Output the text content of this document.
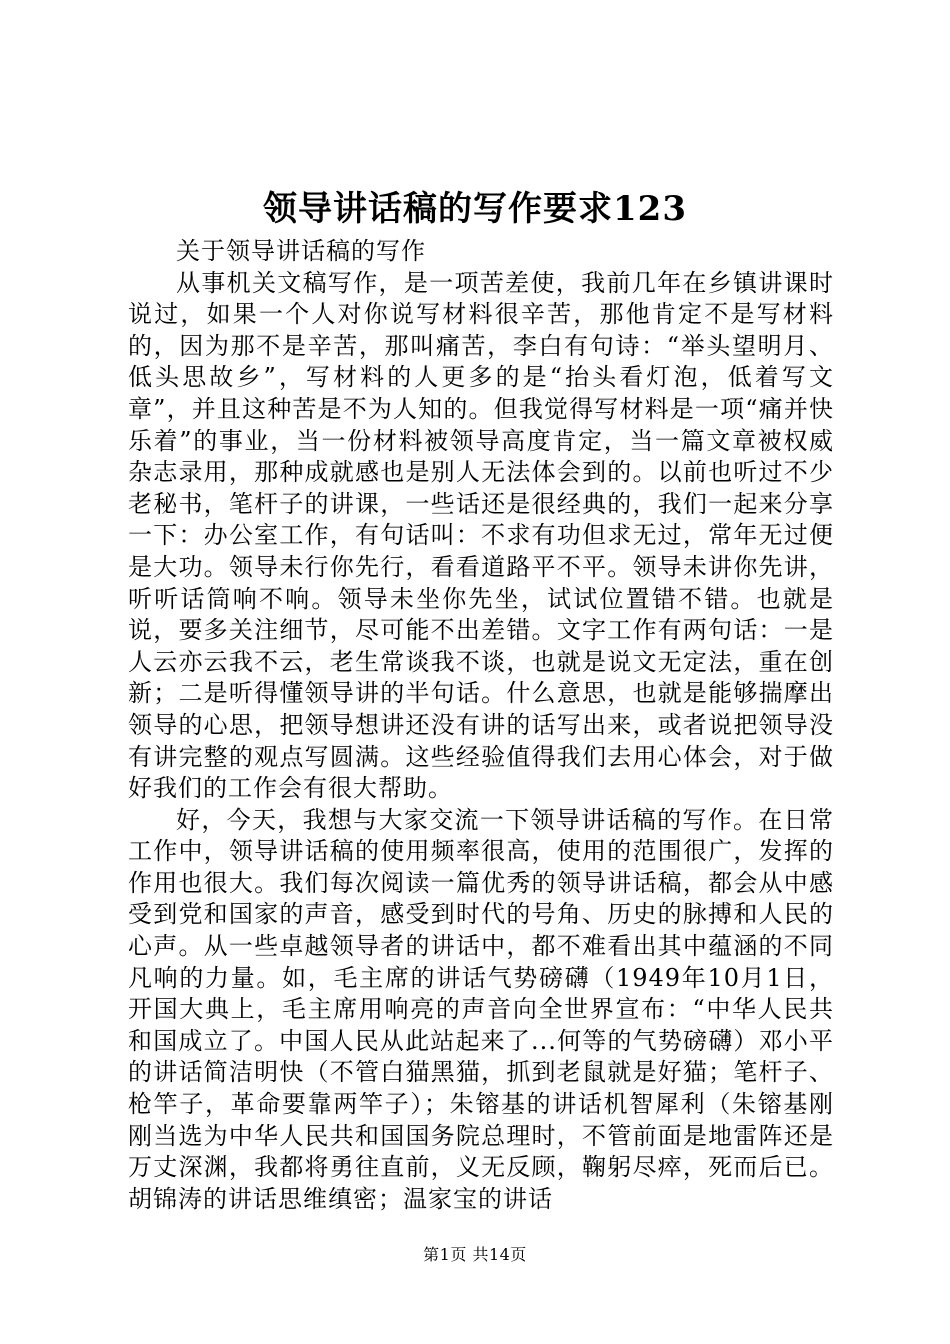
领导讲话稿的写作要求123

关于领导讲话稿的写作

从事机关文稿写作，是一项苦差使，我前几年在乡镇讲课时说过，如果一个人对你说写材料很辛苦，那他肯定不是写材料的，因为那不是辛苦，那叫痛苦，李白有句诗：“举头望明月、低头思故乡”，写材料的人更多的是“抬头看灯泡，低着写文章”，并且这种苦是不为人知的。但我觉得写材料是一项“痛并快乐着”的事业，当一份材料被领导高度肯定，当一篇文章被权威杂志录用，那种成就感也是别人无法体会到的。以前也听过不少老秘书，笔杆子的讲课，一些话还是很经典的，我们一起来分享一下：办公室工作，有句话叫：不求有功但求无过，常年无过便是大功。领导未行你先行，看看道路平不平。领导未讲你先讲，听听话筒响不响。领导未坐你先坐，试试位置错不错。也就是说，要多关注细节，尽可能不出差错。文字工作有两句话：一是人云亦云我不云，老生常谈我不谈，也就是说文无定法，重在创新；二是听得懂领导讲的半句话。什么意思，也就是能够揣摩出领导的心思，把领导想讲还没有讲的话写出来，或者说把领导没有讲完整的观点写圆满。这些经验值得我们去用心体会，对于做好我们的工作会有很大帮助。

好，今天，我想与大家交流一下领导讲话稿的写作。在日常工作中，领导讲话稿的使用频率很高，使用的范围很广，发挥的作用也很大。我们每次阅读一篇优秀的领导讲话稿，都会从中感受到党和国家的声音，感受到时代的号角、历史的脉搏和人民的心声。从一些卓越领导者的讲话中，都不难看出其中蕴涵的不同凡响的力量。如，毛主席的讲话气势磅礴（1949年10月1日，开国大典上，毛主席用响亮的声音向全世界宣布：“中华人民共和国成立了。中国人民从此站起来了...何等的气势磅礴）邓小平的讲话简洁明快（不管白猫黑猫，抓到老鼠就是好猫；笔杆子、枪竿子，革命要靠两竿子）；朱镕基的讲话机智犀利（朱镕基刚刚当选为中华人民共和国国务院总理时，不管前面是地雷阵还是万丈深渊，我都将勇往直前，义无反顾，鞠躬尽瘁，死而后已。胡锦涛的讲话思维缜密；温家宝的讲话

第1页 共14页
